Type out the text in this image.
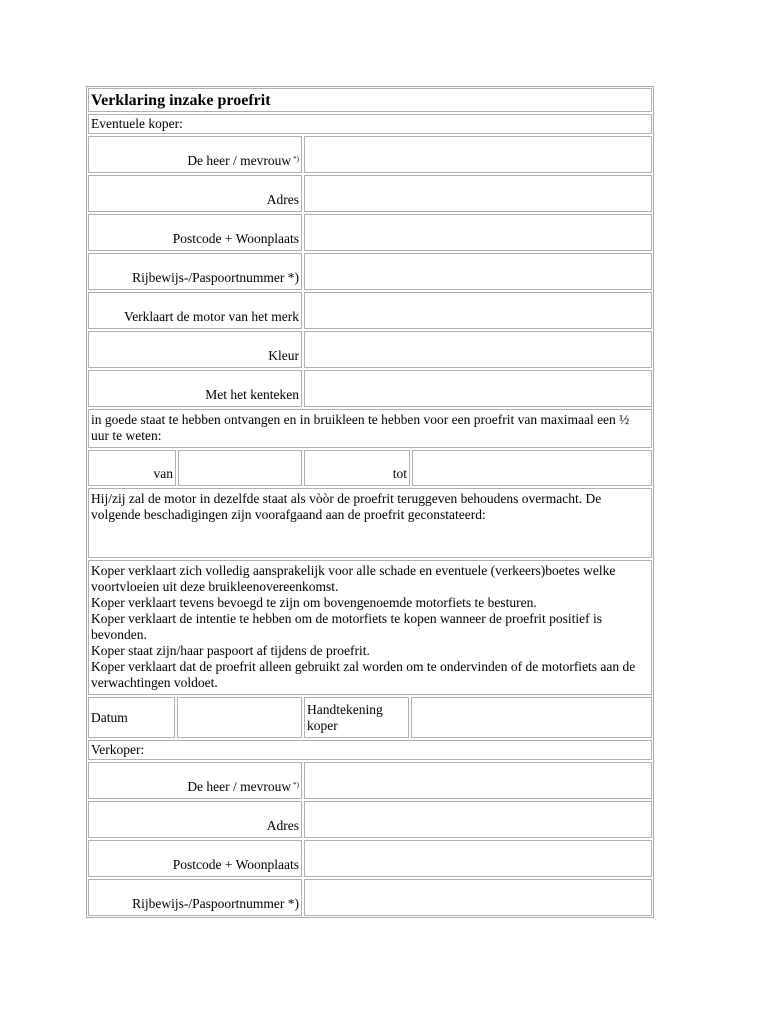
Verklaring inzake proefrit
Eventuele koper:
De heer / mevrouw *)
Adres
Postcode + Woonplaats
Rijbewijs-/Paspoortnummer *)
Verklaart de motor van het merk
Kleur
Met het kenteken
in goede staat te hebben ontvangen en in bruikleen te hebben voor een proefrit van maximaal een ½ uur te weten:
van	tot
Hij/zij zal de motor in dezelfde staat als vòòr de proefrit teruggeven behoudens overmacht. De volgende beschadigingen zijn voorafgaand aan de proefrit geconstateerd:
Koper verklaart zich volledig aansprakelijk voor alle schade en eventuele (verkeers)boetes welke voortvloeien uit deze bruikleenovereenkomst.
Koper verklaart tevens bevoegd te zijn om bovengenoemde motorfiets te besturen.
Koper verklaart de intentie te hebben om de motorfiets te kopen wanneer de proefrit positief is bevonden.
Koper staat zijn/haar paspoort af tijdens de proefrit.
Koper verklaart dat de proefrit alleen gebruikt zal worden om te ondervinden of de motorfiets aan de verwachtingen voldoet.
Datum
Handtekening koper
Verkoper:
De heer / mevrouw *)
Adres
Postcode + Woonplaats
Rijbewijs-/Paspoortnummer *)
